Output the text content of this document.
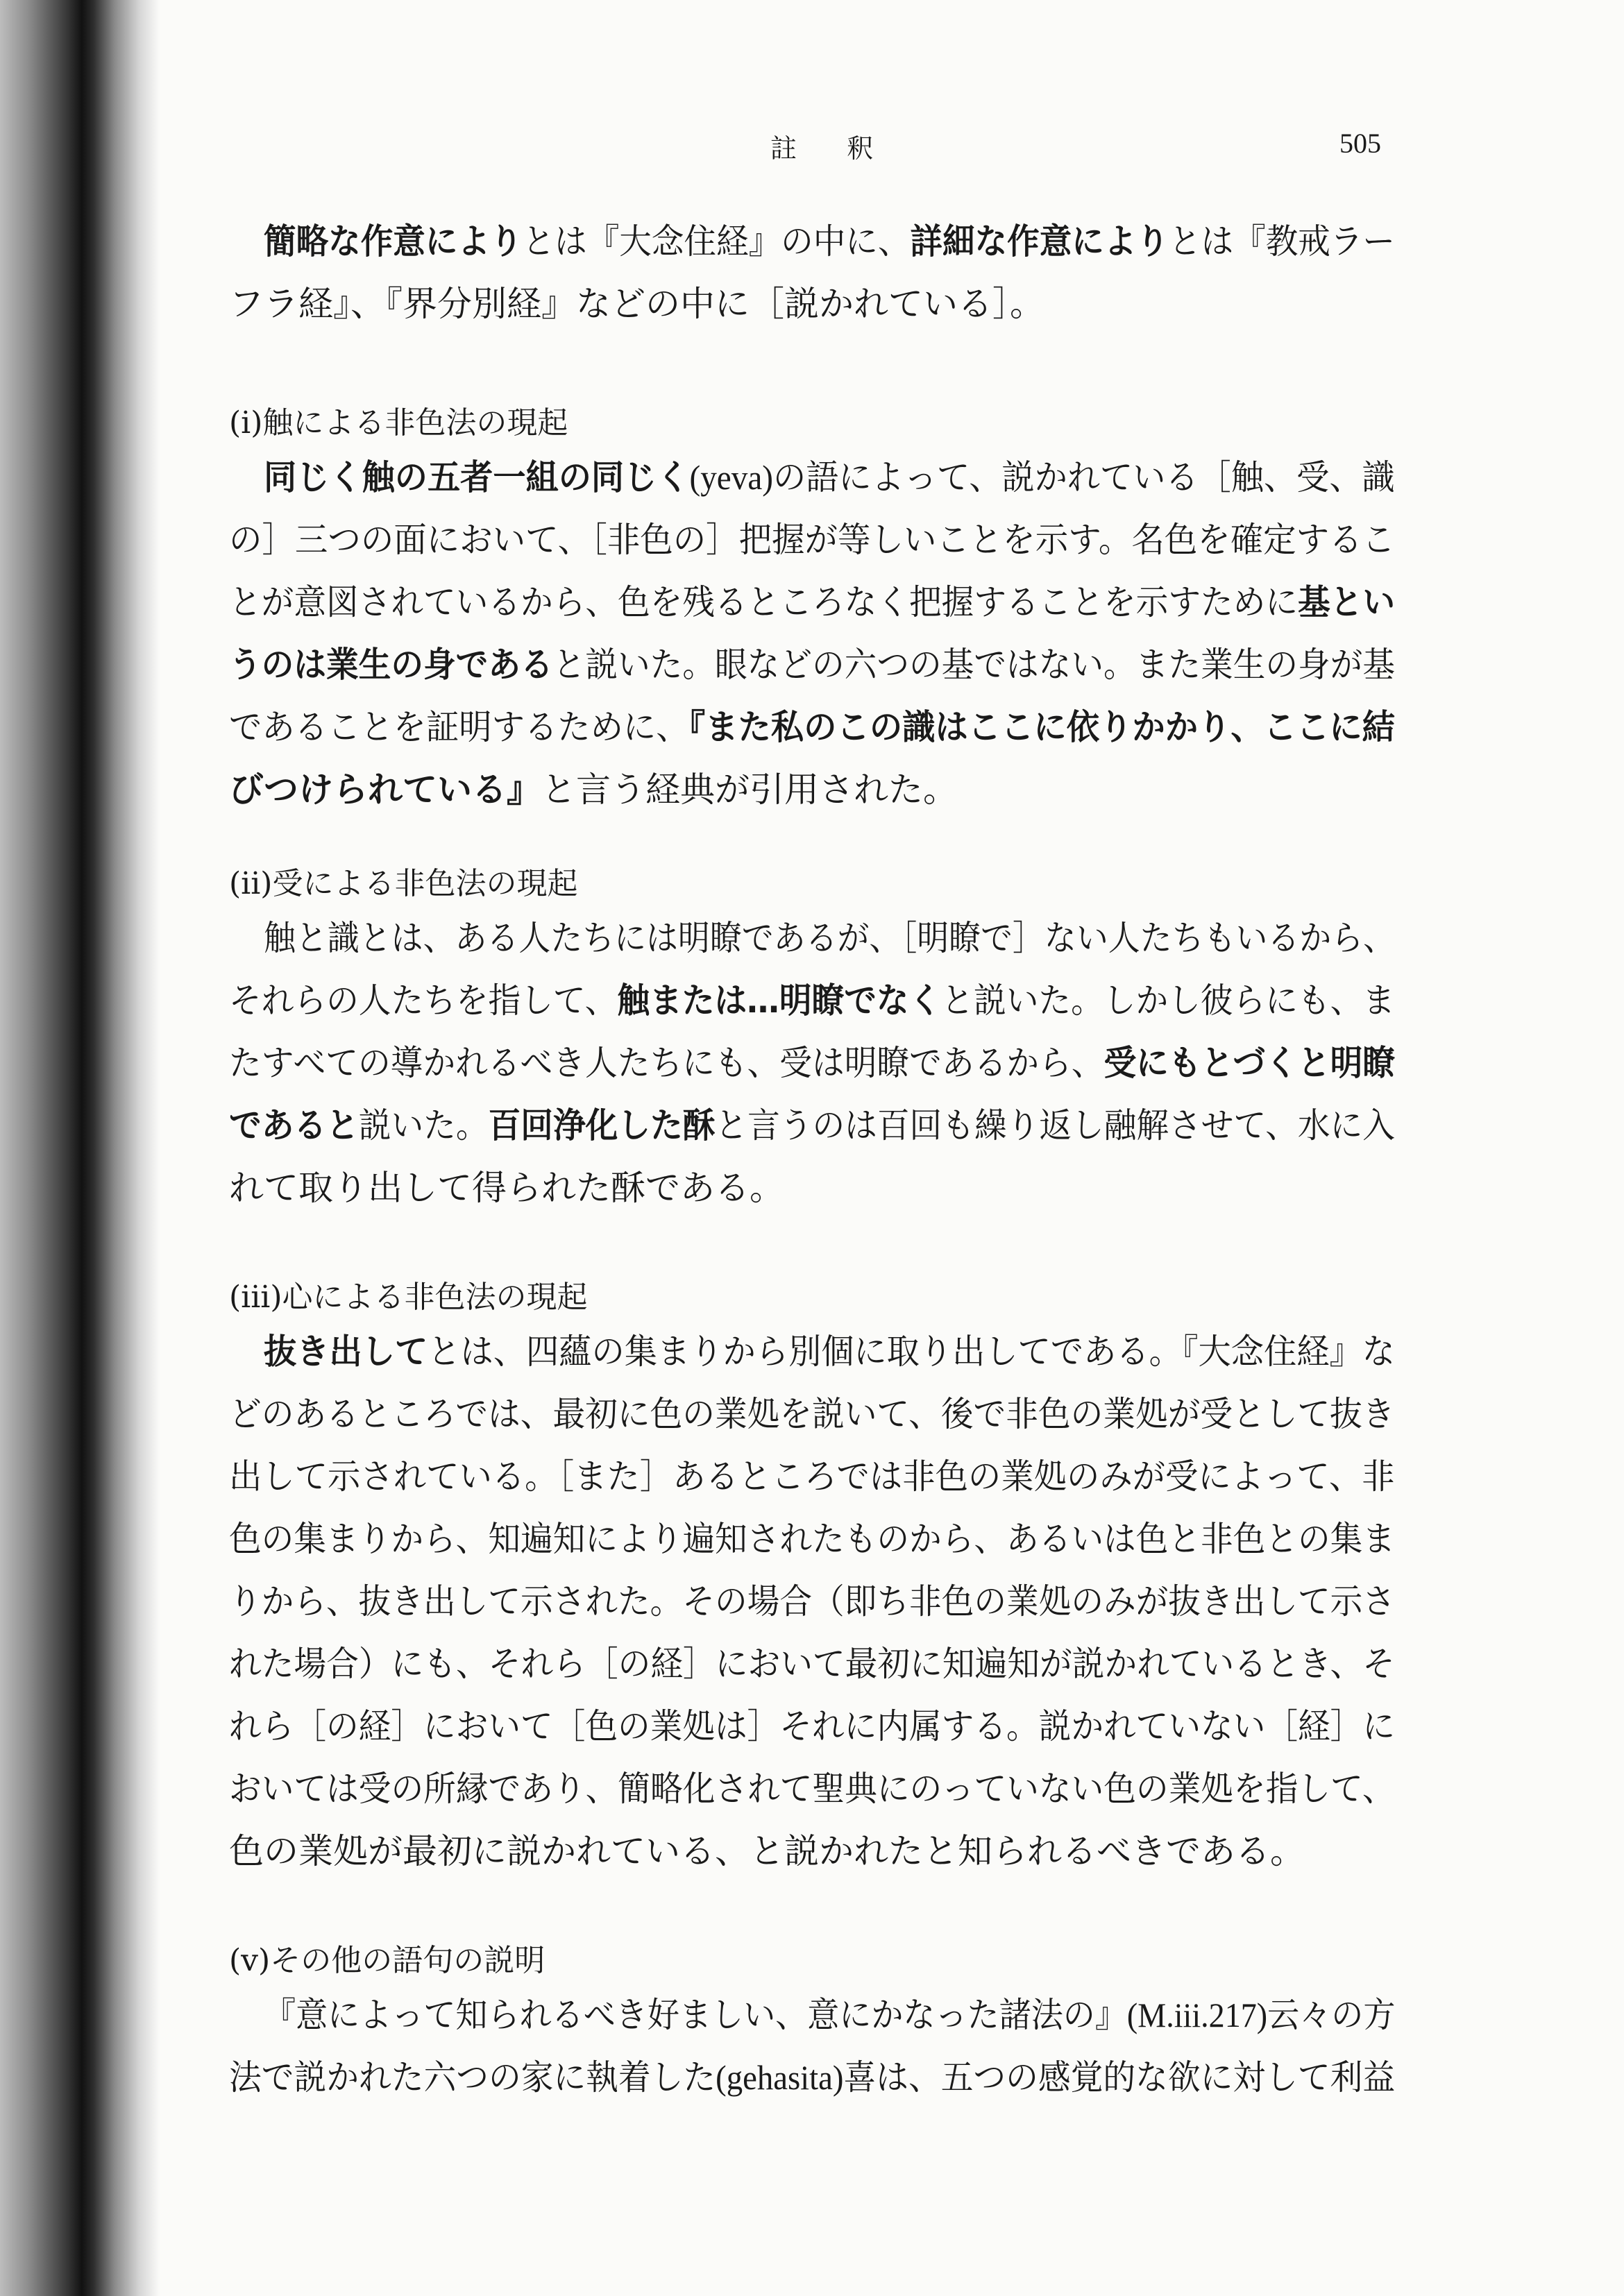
註 釈	505
簡略な作意によりとは『大念住経』の中に、詳細な作意によりとは『教戒ラー
フラ経』、『界分別経』などの中に［説かれている］。
(i)触による非色法の現起
同じく触の五者一組の同じく(yeva)の語によって、説かれている［触、受、識
の］三つの面において、［非色の］把握が等しいことを示す。名色を確定するこ
とが意図されているから、色を残るところなく把握することを示すために基とい
うのは業生の身であると説いた。眼などの六つの基ではない。また業生の身が基
であることを証明するために、『また私のこの識はここに依りかかり、ここに結
びつけられている』と言う経典が引用された。
(ii)受による非色法の現起
触と識とは、ある人たちには明瞭であるが、［明瞭で］ない人たちもいるから、
それらの人たちを指して、触または…明瞭でなくと説いた。しかし彼らにも、ま
たすべての導かれるべき人たちにも、受は明瞭であるから、受にもとづくと明瞭
であると説いた。百回浄化した酥と言うのは百回も繰り返し融解させて、水に入
れて取り出して得られた酥である。
(iii)心による非色法の現起
抜き出してとは、四蘊の集まりから別個に取り出してである。『大念住経』な
どのあるところでは、最初に色の業処を説いて、後で非色の業処が受として抜き
出して示されている。［また］あるところでは非色の業処のみが受によって、非
色の集まりから、知遍知により遍知されたものから、あるいは色と非色との集ま
りから、抜き出して示された。その場合（即ち非色の業処のみが抜き出して示さ
れた場合）にも、それら［の経］において最初に知遍知が説かれているとき、そ
れら［の経］において［色の業処は］それに内属する。説かれていない［経］に
おいては受の所縁であり、簡略化されて聖典にのっていない色の業処を指して、
色の業処が最初に説かれている、と説かれたと知られるべきである。
(v)その他の語句の説明
『意によって知られるべき好ましい、意にかなった諸法の』(M.iii.217)云々の方
法で説かれた六つの家に執着した(gehasita)喜は、五つの感覚的な欲に対して利益
